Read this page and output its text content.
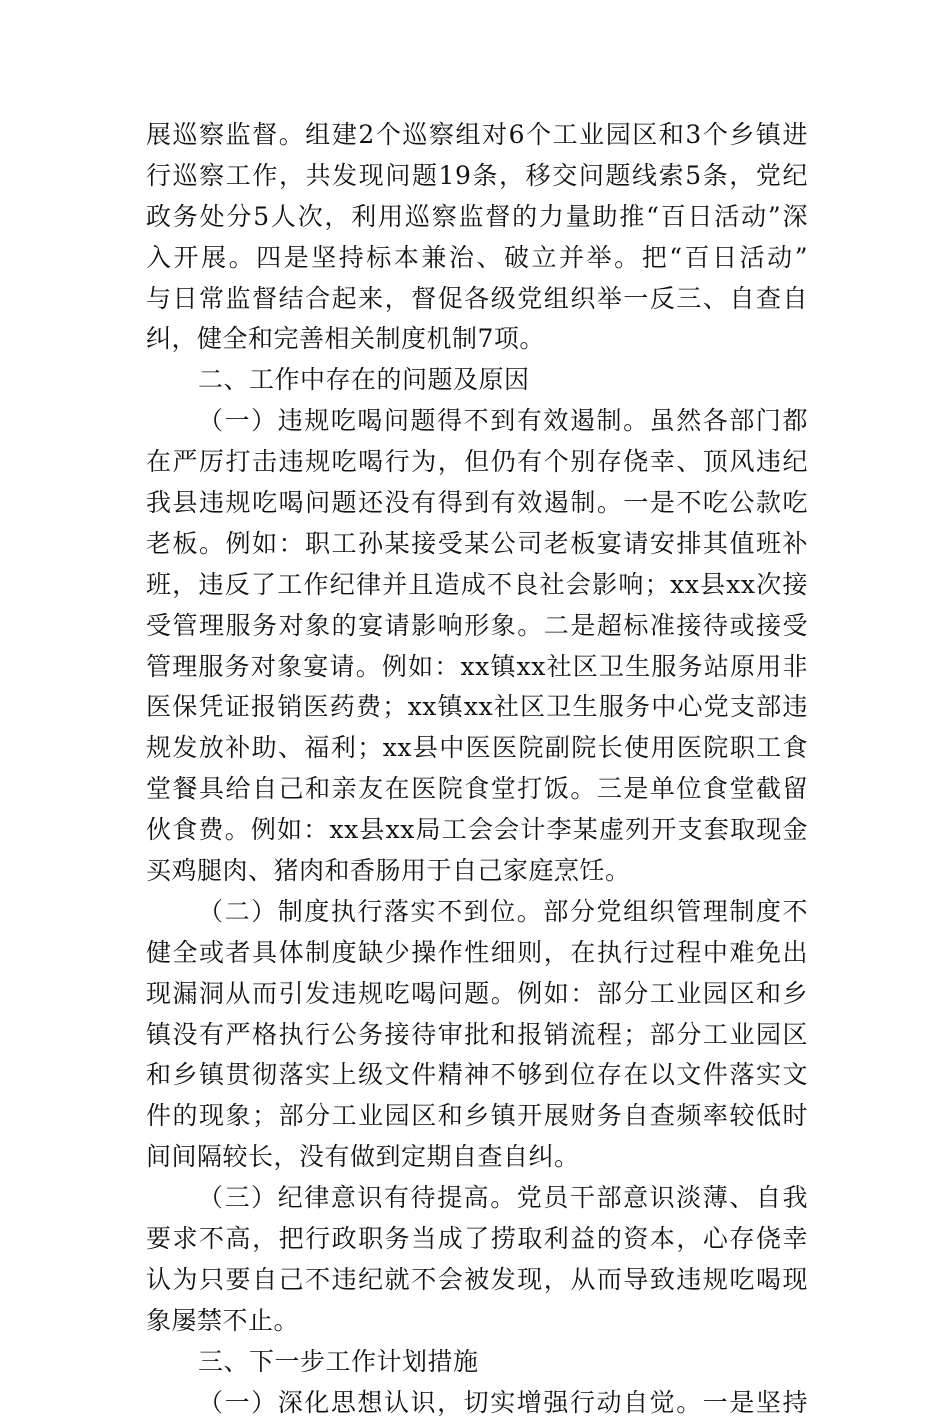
展巡察监督。组建2个巡察组对6个工业园区和3个乡镇进
行巡察工作，共发现问题19条，移交问题线索5条，党纪
政务处分5人次，利用巡察监督的力量助推“百日活动”深
入开展。四是坚持标本兼治、破立并举。把“百日活动”
与日常监督结合起来，督促各级党组织举一反三、自查自
纠，健全和完善相关制度机制7项。
二、工作中存在的问题及原因
（一）违规吃喝问题得不到有效遏制。虽然各部门都
在严厉打击违规吃喝行为，但仍有个别存侥幸、顶风违纪
我县违规吃喝问题还没有得到有效遏制。一是不吃公款吃
老板。例如：职工孙某接受某公司老板宴请安排其值班补
班，违反了工作纪律并且造成不良社会影响；xx县xx次接
受管理服务对象的宴请影响形象。二是超标准接待或接受
管理服务对象宴请。例如：xx镇xx社区卫生服务站原用非
医保凭证报销医药费；xx镇xx社区卫生服务中心党支部违
规发放补助、福利；xx县中医医院副院长使用医院职工食
堂餐具给自己和亲友在医院食堂打饭。三是单位食堂截留
伙食费。例如：xx县xx局工会会计李某虚列开支套取现金
买鸡腿肉、猪肉和香肠用于自己家庭烹饪。
（二）制度执行落实不到位。部分党组织管理制度不
健全或者具体制度缺少操作性细则，在执行过程中难免出
现漏洞从而引发违规吃喝问题。例如：部分工业园区和乡
镇没有严格执行公务接待审批和报销流程；部分工业园区
和乡镇贯彻落实上级文件精神不够到位存在以文件落实文
件的现象；部分工业园区和乡镇开展财务自查频率较低时
间间隔较长，没有做到定期自查自纠。
（三）纪律意识有待提高。党员干部意识淡薄、自我
要求不高，把行政职务当成了捞取利益的资本，心存侥幸
认为只要自己不违纪就不会被发现，从而导致违规吃喝现
象屡禁不止。
三、下一步工作计划措施
（一）深化思想认识，切实增强行动自觉。一是坚持
